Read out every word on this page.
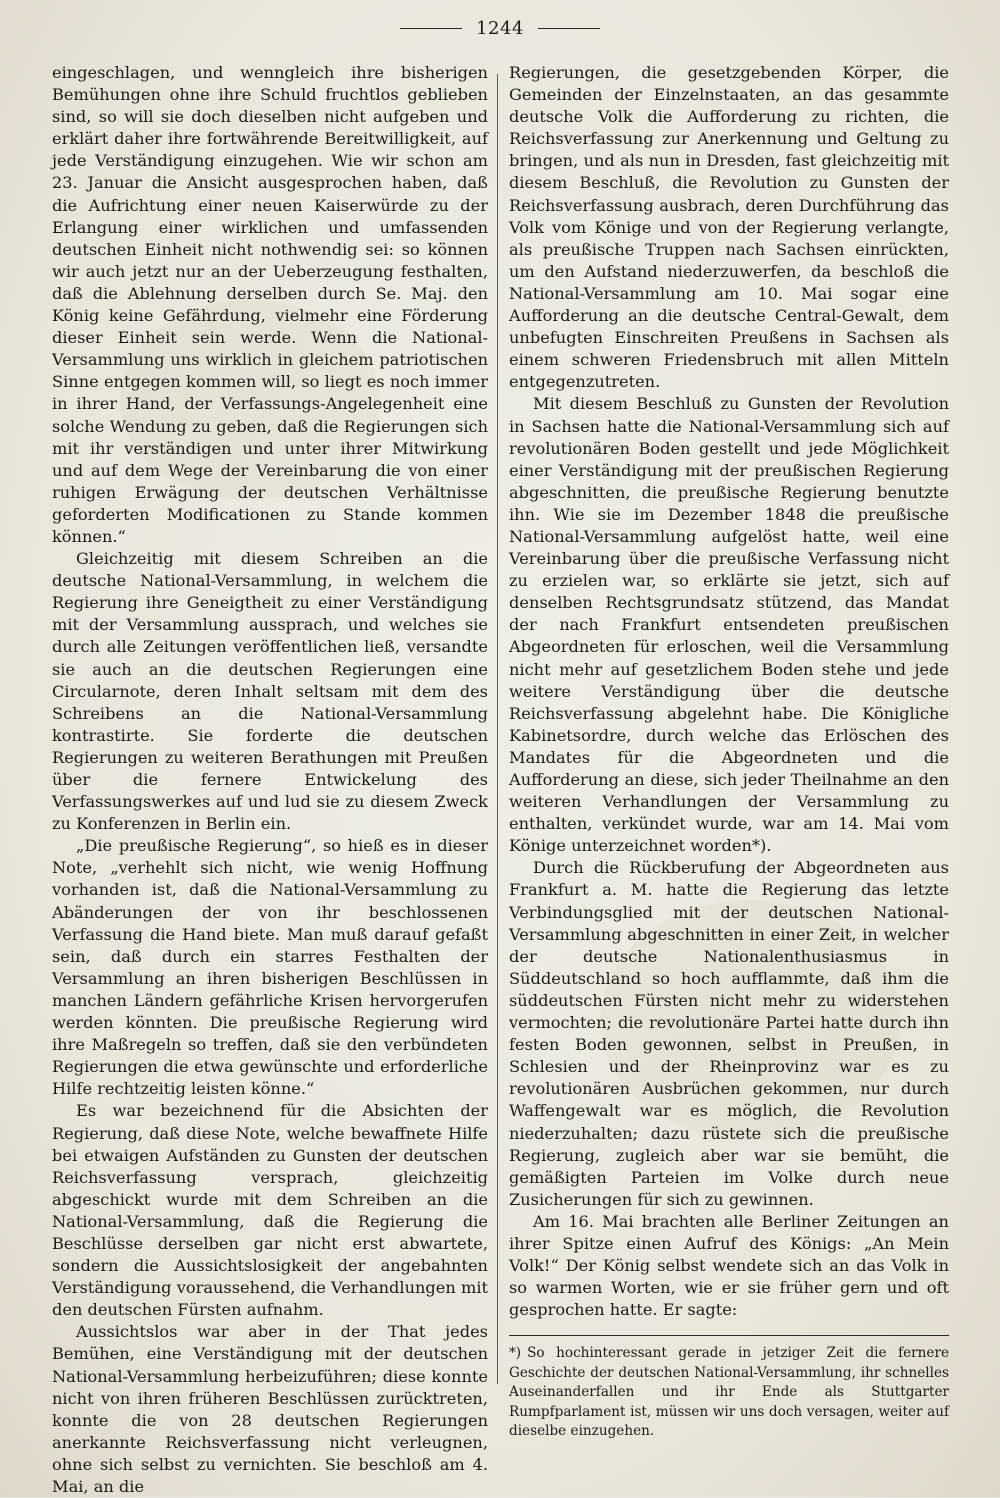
1244

eingeschlagen, und wenngleich ihre bisherigen Bemühungen ohne ihre Schuld fruchtlos geblieben sind, so will sie doch dieselben nicht aufgeben und erklärt daher ihre fortwährende Bereitwilligkeit, auf jede Verständigung einzugehen. Wie wir schon am 23. Januar die Ansicht ausgesprochen haben, daß die Aufrichtung einer neuen Kaiserwürde zu der Erlangung einer wirklichen und umfassenden deutschen Einheit nicht nothwendig sei: so können wir auch jetzt nur an der Ueberzeugung festhalten, daß die Ablehnung derselben durch Se. Maj. den König keine Gefährdung, vielmehr eine Förderung dieser Einheit sein werde. Wenn die National-Versammlung uns wirklich in gleichem patriotischen Sinne entgegen kommen will, so liegt es noch immer in ihrer Hand, der Verfassungs-Angelegenheit eine solche Wendung zu geben, daß die Regierungen sich mit ihr verständigen und unter ihrer Mitwirkung und auf dem Wege der Vereinbarung die von einer ruhigen Erwägung der deutschen Verhältnisse geforderten Modificationen zu Stande kommen können.“

Gleichzeitig mit diesem Schreiben an die deutsche National-Versammlung, in welchem die Regierung ihre Geneigtheit zu einer Verständigung mit der Versammlung aussprach, und welches sie durch alle Zeitungen veröffentlichen ließ, versandte sie auch an die deutschen Regierungen eine Circularnote, deren Inhalt seltsam mit dem des Schreibens an die National-Versammlung kontrastirte. Sie forderte die deutschen Regierungen zu weiteren Berathungen mit Preußen über die fernere Entwickelung des Verfassungswerkes auf und lud sie zu diesem Zweck zu Konferenzen in Berlin ein.

„Die preußische Regierung“, so hieß es in dieser Note, „verhehlt sich nicht, wie wenig Hoffnung vorhanden ist, daß die National-Versammlung zu Abänderungen der von ihr beschlossenen Verfassung die Hand biete. Man muß darauf gefaßt sein, daß durch ein starres Festhalten der Versammlung an ihren bisherigen Beschlüssen in manchen Ländern gefährliche Krisen hervorgerufen werden könnten. Die preußische Regierung wird ihre Maßregeln so treffen, daß sie den verbündeten Regierungen die etwa gewünschte und erforderliche Hilfe rechtzeitig leisten könne.“

Es war bezeichnend für die Absichten der Regierung, daß diese Note, welche bewaffnete Hilfe bei etwaigen Aufständen zu Gunsten der deutschen Reichsverfassung versprach, gleichzeitig abgeschickt wurde mit dem Schreiben an die National-Versammlung, daß die Regierung die Beschlüsse derselben gar nicht erst abwartete, sondern die Aussichtslosigkeit der angebahnten Verständigung voraussehend, die Verhandlungen mit den deutschen Fürsten aufnahm.

Aussichtslos war aber in der That jedes Bemühen, eine Verständigung mit der deutschen National-Versammlung herbeizuführen; diese konnte nicht von ihren früheren Beschlüssen zurücktreten, konnte die von 28 deutschen Regierungen anerkannte Reichsverfassung nicht verleugnen, ohne sich selbst zu vernichten. Sie beschloß am 4. Mai, an die

Regierungen, die gesetzgebenden Körper, die Gemeinden der Einzelnstaaten, an das gesammte deutsche Volk die Aufforderung zu richten, die Reichsverfassung zur Anerkennung und Geltung zu bringen, und als nun in Dresden, fast gleichzeitig mit diesem Beschluß, die Revolution zu Gunsten der Reichsverfassung ausbrach, deren Durchführung das Volk vom Könige und von der Regierung verlangte, als preußische Truppen nach Sachsen einrückten, um den Aufstand niederzuwerfen, da beschloß die National-Versammlung am 10. Mai sogar eine Aufforderung an die deutsche Central-Gewalt, dem unbefugten Einschreiten Preußens in Sachsen als einem schweren Friedensbruch mit allen Mitteln entgegenzutreten.

Mit diesem Beschluß zu Gunsten der Revolution in Sachsen hatte die National-Versammlung sich auf revolutionären Boden gestellt und jede Möglichkeit einer Verständigung mit der preußischen Regierung abgeschnitten, die preußische Regierung benutzte ihn. Wie sie im Dezember 1848 die preußische National-Versammlung aufgelöst hatte, weil eine Vereinbarung über die preußische Verfassung nicht zu erzielen war, so erklärte sie jetzt, sich auf denselben Rechtsgrundsatz stützend, das Mandat der nach Frankfurt entsendeten preußischen Abgeordneten für erloschen, weil die Versammlung nicht mehr auf gesetzlichem Boden stehe und jede weitere Verständigung über die deutsche Reichsverfassung abgelehnt habe. Die Königliche Kabinetsordre, durch welche das Erlöschen des Mandates für die Abgeordneten und die Aufforderung an diese, sich jeder Theilnahme an den weiteren Verhandlungen der Versammlung zu enthalten, verkündet wurde, war am 14. Mai vom Könige unterzeichnet worden*).

Durch die Rückberufung der Abgeordneten aus Frankfurt a. M. hatte die Regierung das letzte Verbindungsglied mit der deutschen National-Versammlung abgeschnitten in einer Zeit, in welcher der deutsche Nationalenthusiasmus in Süddeutschland so hoch aufflammte, daß ihm die süddeutschen Fürsten nicht mehr zu widerstehen vermochten; die revolutionäre Partei hatte durch ihn festen Boden gewonnen, selbst in Preußen, in Schlesien und der Rheinprovinz war es zu revolutionären Ausbrüchen gekommen, nur durch Waffengewalt war es möglich, die Revolution niederzuhalten; dazu rüstete sich die preußische Regierung, zugleich aber war sie bemüht, die gemäßigten Parteien im Volke durch neue Zusicherungen für sich zu gewinnen.

Am 16. Mai brachten alle Berliner Zeitungen an ihrer Spitze einen Aufruf des Königs: „An Mein Volk!“ Der König selbst wendete sich an das Volk in so warmen Worten, wie er sie früher gern und oft gesprochen hatte. Er sagte:

*) So hochinteressant gerade in jetziger Zeit die fernere Geschichte der deutschen National-Versammlung, ihr schnelles Auseinanderfallen und ihr Ende als Stuttgarter Rumpfparlament ist, müssen wir uns doch versagen, weiter auf dieselbe einzugehen.
